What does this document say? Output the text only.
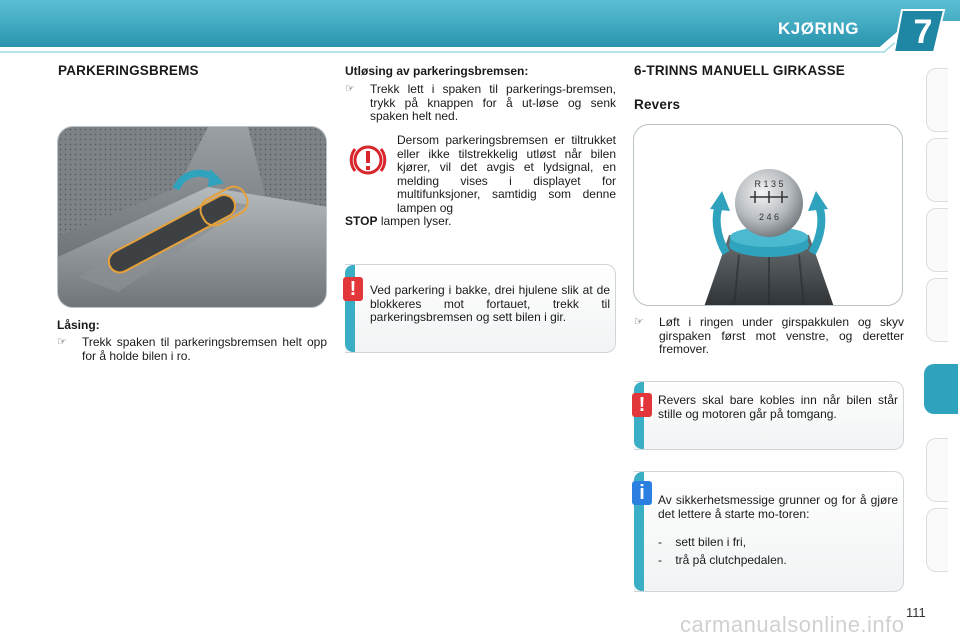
KJØRING	7
PARKERINGSBREMS
Låsing:
☞	Trekk spaken til parkeringsbremsen helt opp for å holde bilen i ro.
Utløsing av parkeringsbremsen:
☞	Trekk lett i spaken til parkerings-bremsen, trykk på knappen for å ut-løse og senk spaken helt ned.
Dersom parkeringsbremsen er tiltrukket eller ikke tilstrekkelig utløst når bilen kjører, vil det avgis et lydsignal, en melding vises i displayet for multifunksjoner, samtidig som denne lampen og
STOP lampen lyser.
Ved parkering i bakke, drei hjulene slik at de blokkeres mot fortauet, trekk til parkeringsbremsen og sett bilen i gir.
!
6-TRINNS MANUELL GIRKASSE
Revers
R 1 3 5
2 4 6
☞	Løft i ringen under girspakkulen og skyv girspaken først mot venstre, og deretter fremover.
Revers skal bare kobles inn når bilen står stille og motoren går på tomgang.
!
Av sikkerhetsmessige grunner og for å gjøre det lettere å starte mo-toren:
-    sett bilen i fri,
-    trå på clutchpedalen.
i
111
carmanualsonline.info
